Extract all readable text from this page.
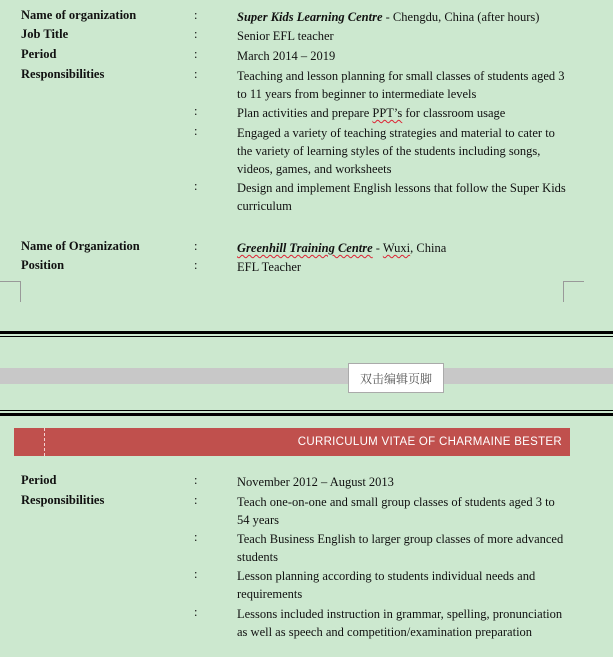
Name of organization	:	Super Kids Learning Centre - Chengdu, China (after hours)
Job Title	:	Senior EFL teacher
Period	:	March 2014 – 2019
Responsibilities	:	Teaching and lesson planning for small classes of students aged 3 to 11 years from beginner to intermediate levels
:	Plan activities and prepare PPT’s for classroom usage
:	Engaged a variety of teaching strategies and material to cater to the variety of learning styles of the students including songs, videos, games, and worksheets
:	Design and implement English lessons that follow the Super Kids curriculum
Name of Organization	:	Greenhill Training Centre - Wuxi, China
Position	:	EFL Teacher
双击编辑页脚
CURRICULUM VITAE OF CHARMAINE BESTER
Period	:	November 2012 – August 2013
Responsibilities	:	Teach one-on-one and small group classes of students aged 3 to 54 years
:	Teach Business English to larger group classes of more advanced students
:	Lesson planning according to students individual needs and requirements
:	Lessons included instruction in grammar, spelling, pronunciation as well as speech and competition/examination preparation
